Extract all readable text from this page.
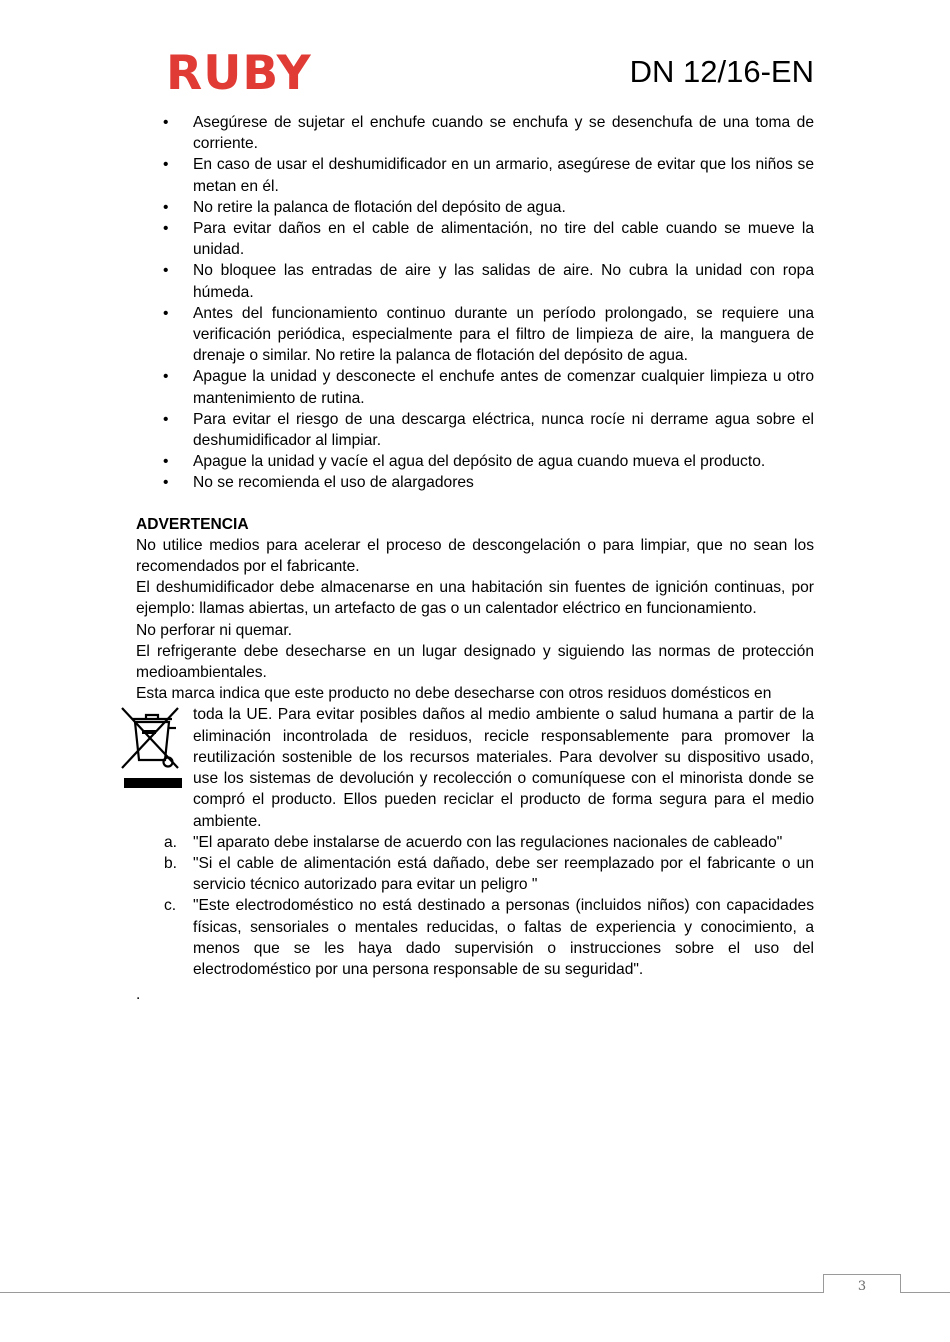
RUBY	DN 12/16-EN
• Asegúrese de sujetar el enchufe cuando se enchufa y se desenchufa de una toma de corriente.
• En caso de usar el deshumidificador en un armario, asegúrese de evitar que los niños se metan en él.
• No retire la palanca de flotación del depósito de agua.
• Para evitar daños en el cable de alimentación, no tire del cable cuando se mueve la unidad.
• No bloquee las entradas de aire y las salidas de aire. No cubra la unidad con ropa húmeda.
• Antes del funcionamiento continuo durante un período prolongado, se requiere una verificación periódica, especialmente para el filtro de limpieza de aire, la manguera de drenaje o similar. No retire la palanca de flotación del depósito de agua.
• Apague la unidad y desconecte el enchufe antes de comenzar cualquier limpieza u otro mantenimiento de rutina.
• Para evitar el riesgo de una descarga eléctrica, nunca rocíe ni derrame agua sobre el deshumidificador al limpiar.
• Apague la unidad y vacíe el agua del depósito de agua cuando mueva el producto.
• No se recomienda el uso de alargadores
ADVERTENCIA

No utilice medios para acelerar el proceso de descongelación o para limpiar, que no sean los recomendados por el fabricante.

El deshumidificador debe almacenarse en una habitación sin fuentes de ignición continuas, por ejemplo: llamas abiertas, un artefacto de gas o un calentador eléctrico en funcionamiento.

No perforar ni quemar.

El refrigerante debe desecharse en un lugar designado y siguiendo las normas de protección medioambientales.

Esta marca indica que este producto no debe desecharse con otros residuos domésticos en

toda la UE. Para evitar posibles daños al medio ambiente o salud humana a partir de la eliminación incontrolada de residuos, recicle responsablemente para promover la reutilización sostenible de los recursos materiales. Para devolver su dispositivo usado, use los sistemas de devolución y recolección o comuníquese con el minorista donde se compró el producto. Ellos pueden reciclar el producto de forma segura para el medio ambiente.

a. "El aparato debe instalarse de acuerdo con las regulaciones nacionales de cableado"
b. "Si el cable de alimentación está dañado, debe ser reemplazado por el fabricante o un servicio técnico autorizado para evitar un peligro "
c. "Este electrodoméstico no está destinado a personas (incluidos niños) con capacidades físicas, sensoriales o mentales reducidas, o faltas de experiencia y conocimiento, a menos que se les haya dado supervisión o instrucciones sobre el uso del electrodoméstico por una persona responsable de su seguridad".
.
3
